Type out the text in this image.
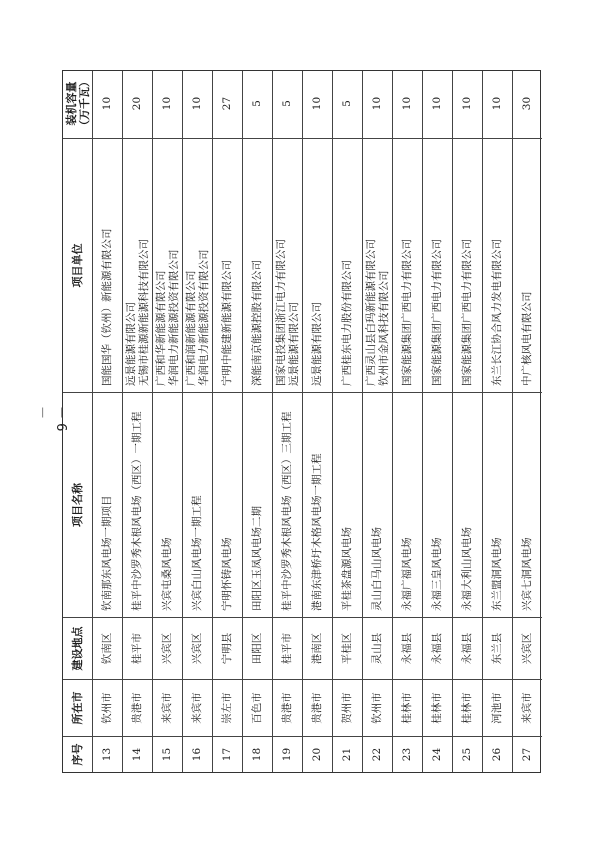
序号
所在市
建设地点
项目名称
项目单位
装机容量 （万千瓦）
13
钦州市
钦南区
钦南那东风电场一期项目
国能国华（钦州）新能源有限公司
10
14
贵港市
桂平市
桂平中沙罗秀木根风电场（西区）一期工程
远景能源有限公司 无锡市桂源新能源科技有限公司
20
15
来宾市
兴宾区
兴宾屯桑风电场
广西和华新能源有限公司 华润电力新能源投资有限公司
10
16
来宾市
兴宾区
兴宾白山风电场一期工程
广西和润新能源有限公司 华润电力新能源投资有限公司
10
17
崇左市
宁明县
宁明怀铸风电场
宁明中能建新能源有限公司
27
18
百色市
田阳区
田阳区玉凤风电场二期
深能南京能源控股有限公司
5
19
贵港市
桂平市
桂平中沙罗秀木根风电场（西区）三期工程
国家电投集团浙江电力有限公司 远景能源有限公司
5
20
贵港市
港南区
港南东津桥圩木格风电场一期工程
远景能源有限公司
10
21
贺州市
平桂区
平桂茶盘源风电场
广西桂东电力股份有限公司
5
22
钦州市
灵山县
灵山白马山风电场
广西灵山县白玛新能源有限公司 钦州市金风科技有限公司
10
23
桂林市
永福县
永福广福风电场
国家能源集团广西电力有限公司
10
24
桂林市
永福县
永福三皇风电场
国家能源集团广西电力有限公司
10
25
桂林市
永福县
永福大利山风电场
国家能源集团广西电力有限公司
10
26
河池市
东兰县
东兰盟洞风电场
东兰长江协合风力发电有限公司
10
27
来宾市
兴宾区
兴宾七洞风电场
中广核风电有限公司
30
－ 6 －
